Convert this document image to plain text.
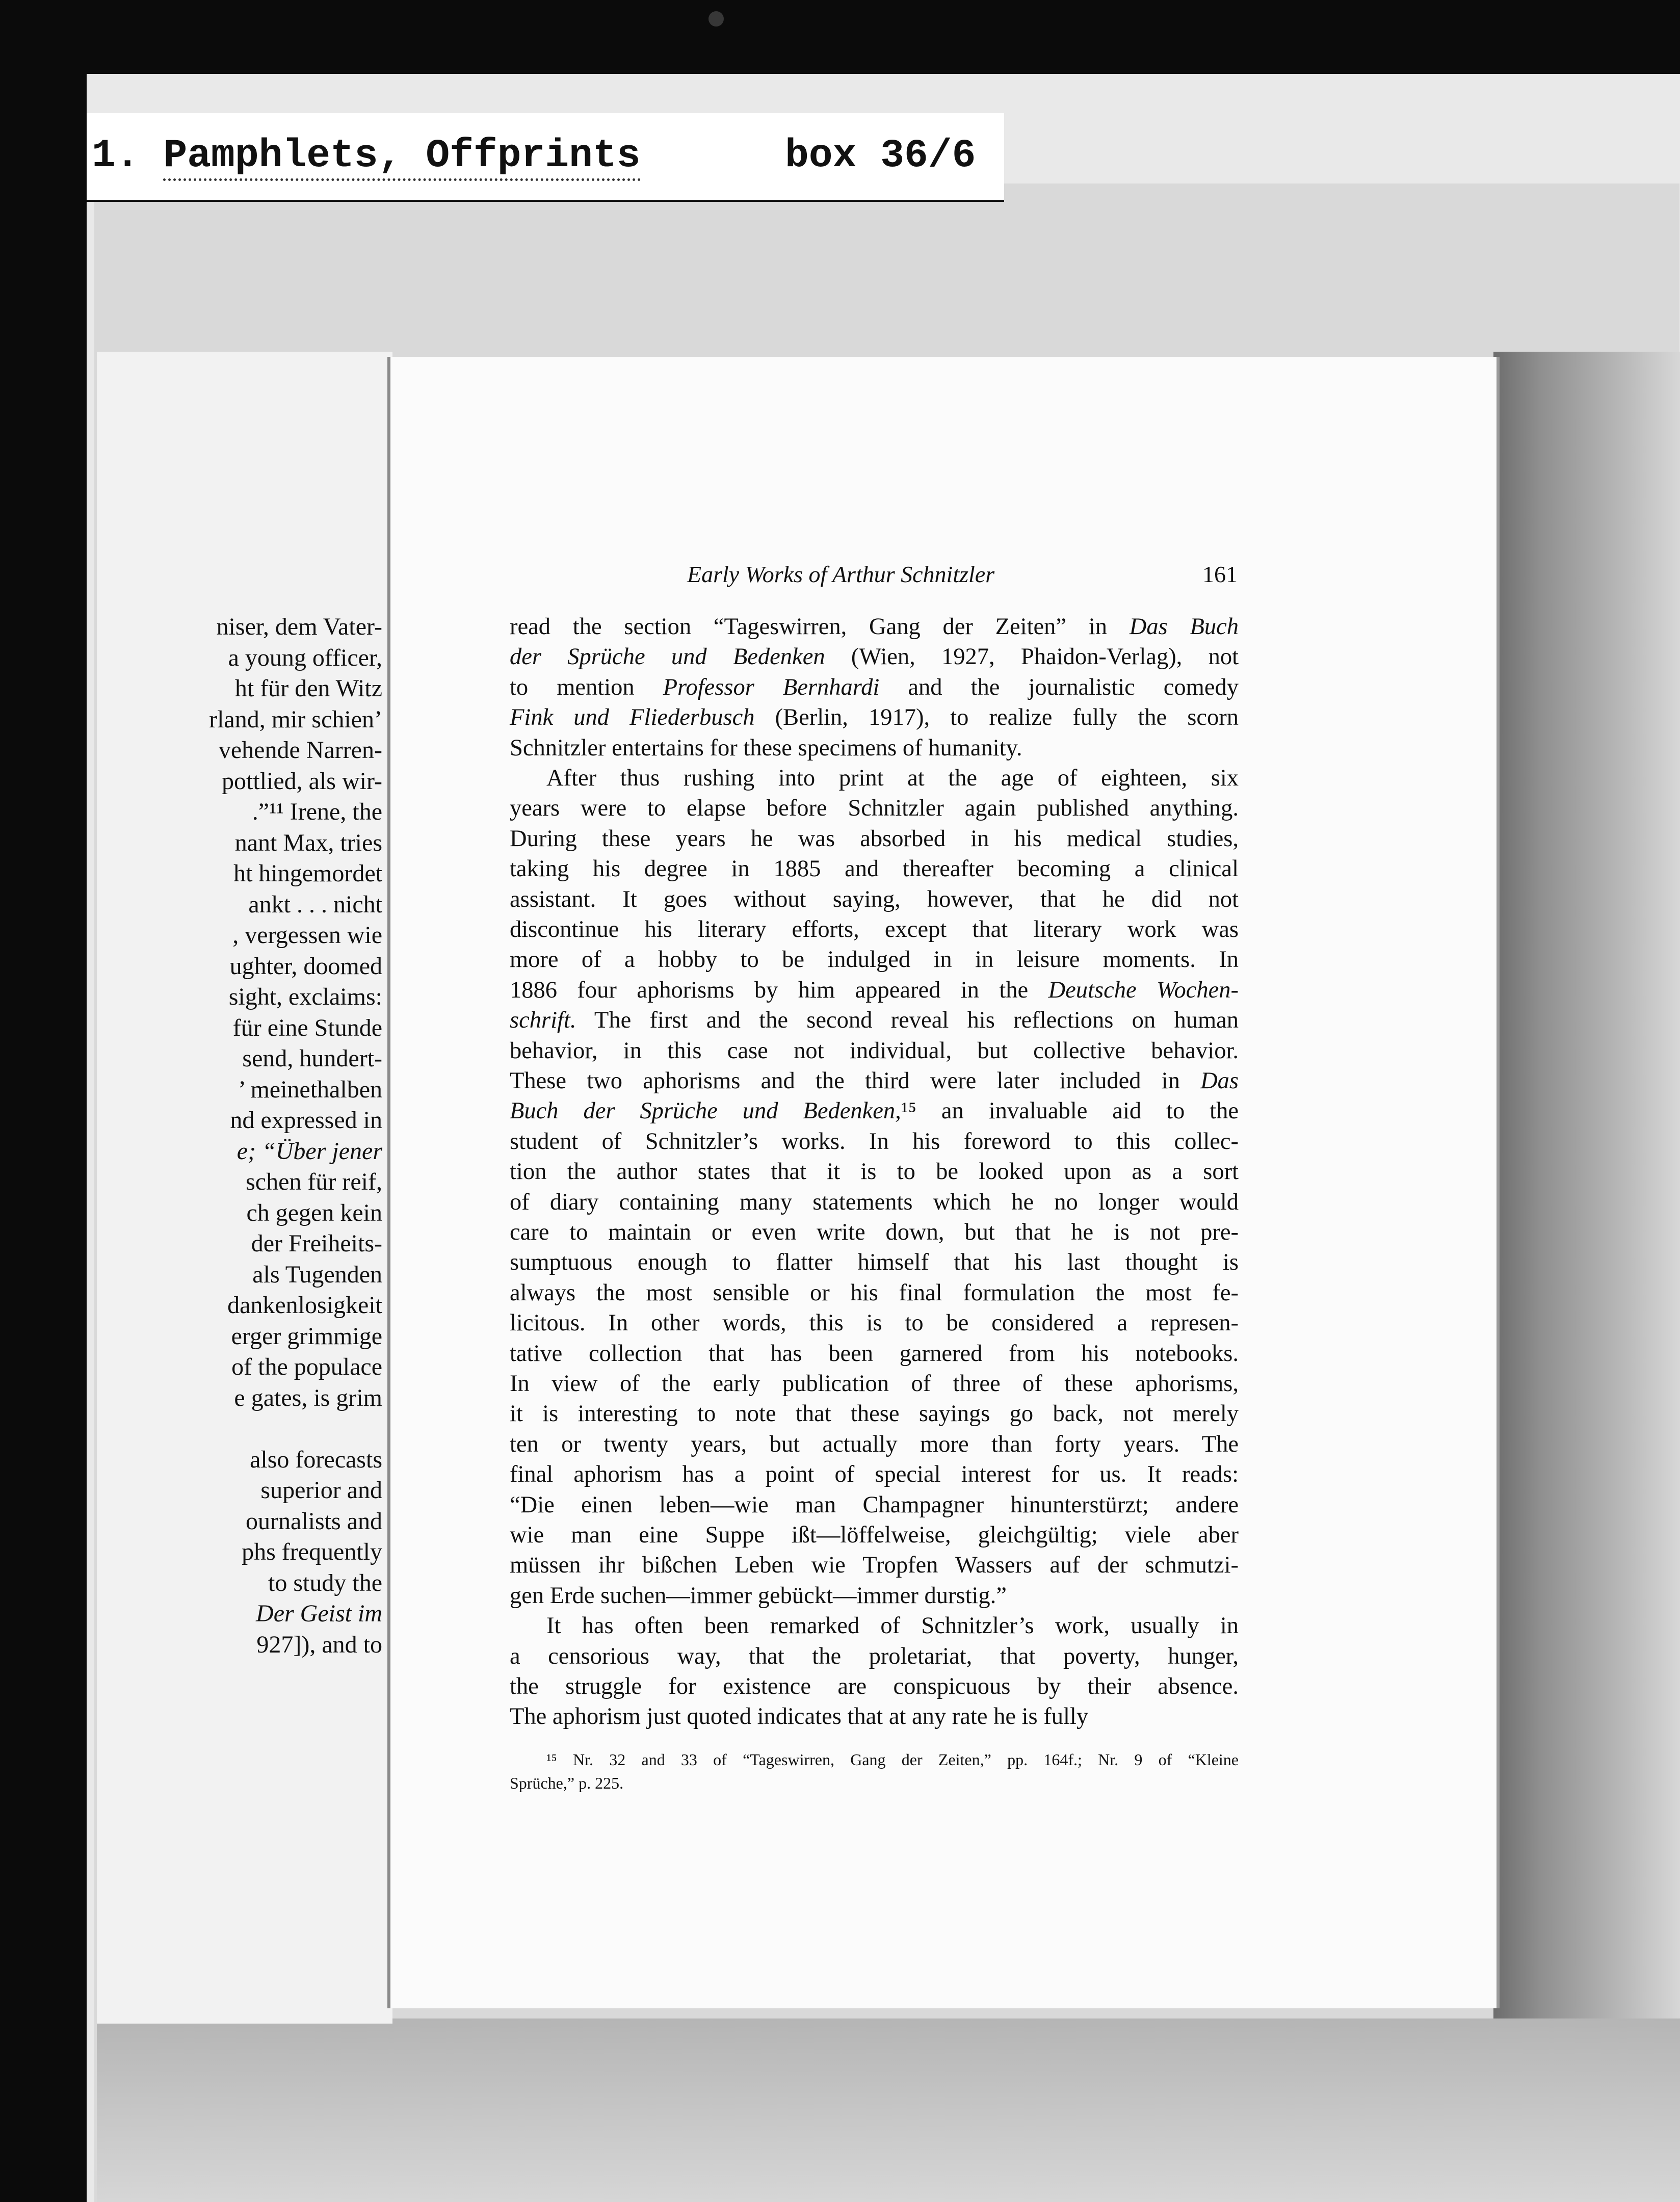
1. Pamphlets, Offprints	box 36/6
niser, dem Vater-
a young officer,
ht für den Witz
rland, mir schien’
vehende Narren-
pottlied, als wir-
.”¹¹ Irene, the
nant Max, tries
ht hingemordet
ankt . . . nicht
, vergessen wie
ughter, doomed
sight, exclaims:
für eine Stunde
send, hundert-
’ meinethalben
nd expressed in
e; “Über jener
schen für reif,
ch gegen kein
der Freiheits-
als Tugenden
dankenlosigkeit
erger grimmige
of the populace
e gates, is grim
also forecasts
superior and
ournalists and
phs frequently
to study the
Der Geist im
927]), and to
Early Works of Arthur Schnitzler	161
read the section “Tageswirren, Gang der Zeiten” in Das Buch
der Sprüche und Bedenken (Wien, 1927, Phaidon-Verlag), not
to mention Professor Bernhardi and the journalistic comedy
Fink und Fliederbusch (Berlin, 1917), to realize fully the scorn
Schnitzler entertains for these specimens of humanity.
After thus rushing into print at the age of eighteen, six
years were to elapse before Schnitzler again published anything.
During these years he was absorbed in his medical studies,
taking his degree in 1885 and thereafter becoming a clinical
assistant. It goes without saying, however, that he did not
discontinue his literary efforts, except that literary work was
more of a hobby to be indulged in in leisure moments. In
1886 four aphorisms by him appeared in the Deutsche Wochen-
schrift. The first and the second reveal his reflections on human
behavior, in this case not individual, but collective behavior.
These two aphorisms and the third were later included in Das
Buch der Sprüche und Bedenken,¹⁵ an invaluable aid to the
student of Schnitzler’s works. In his foreword to this collec-
tion the author states that it is to be looked upon as a sort
of diary containing many statements which he no longer would
care to maintain or even write down, but that he is not pre-
sumptuous enough to flatter himself that his last thought is
always the most sensible or his final formulation the most fe-
licitous. In other words, this is to be considered a represen-
tative collection that has been garnered from his notebooks.
In view of the early publication of three of these aphorisms,
it is interesting to note that these sayings go back, not merely
ten or twenty years, but actually more than forty years. The
final aphorism has a point of special interest for us. It reads:
“Die einen leben—wie man Champagner hinunterstürzt; andere
wie man eine Suppe ißt—löffelweise, gleichgültig; viele aber
müssen ihr bißchen Leben wie Tropfen Wassers auf der schmutzi-
gen Erde suchen—immer gebückt—immer durstig.”
It has often been remarked of Schnitzler’s work, usually in
a censorious way, that the proletariat, that poverty, hunger,
the struggle for existence are conspicuous by their absence.
The aphorism just quoted indicates that at any rate he is fully
¹⁵ Nr. 32 and 33 of “Tageswirren, Gang der Zeiten,” pp. 164f.; Nr. 9 of “Kleine
Sprüche,” p. 225.
